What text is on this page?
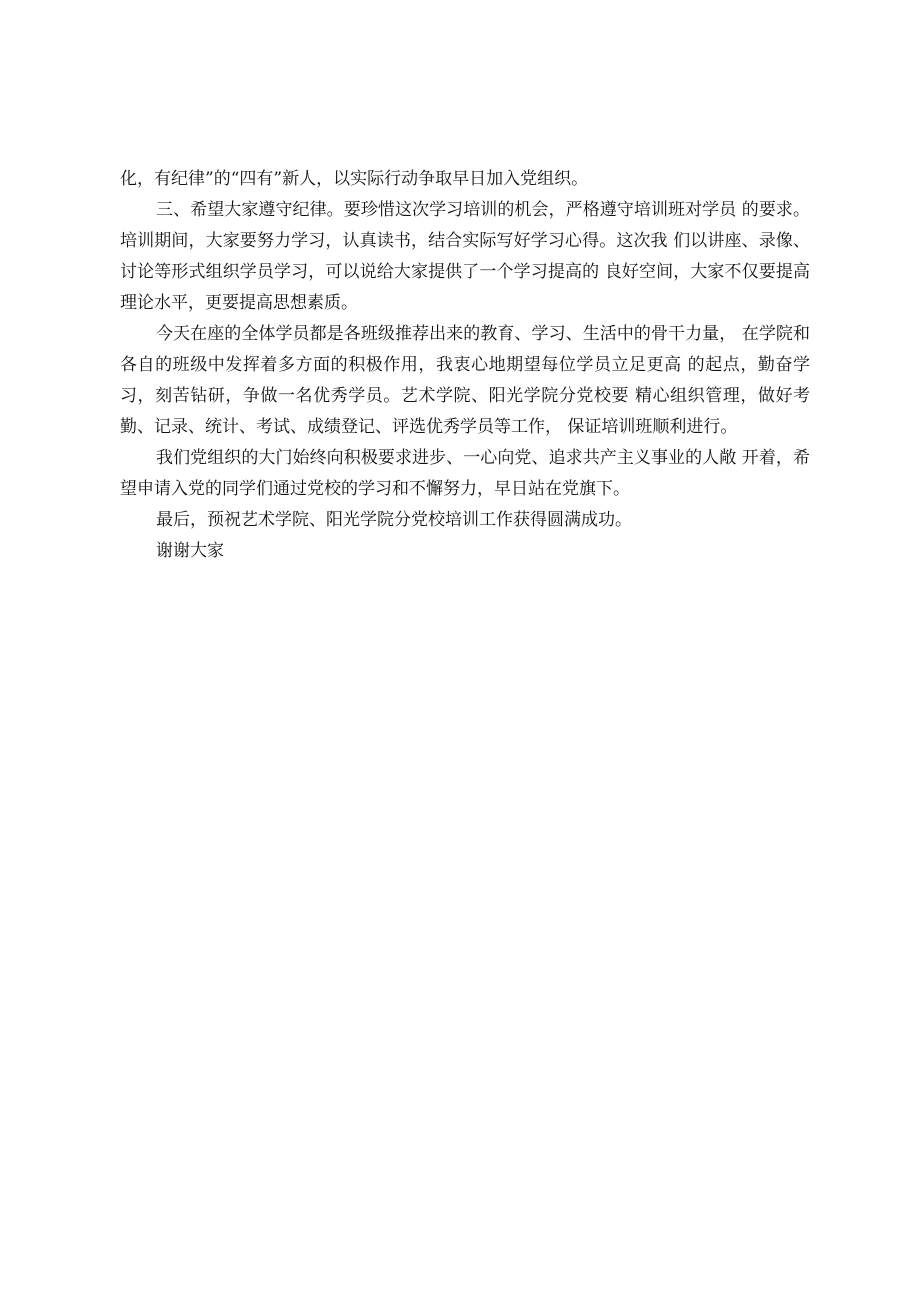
化，有纪律”的“四有”新人，以实际行动争取早日加入党组织。

三、希望大家遵守纪律。要珍惜这次学习培训的机会，严格遵守培训班对学员 的要求。培训期间，大家要努力学习，认真读书，结合实际写好学习心得。这次我 们以讲座、录像、讨论等形式组织学员学习，可以说给大家提供了一个学习提高的 良好空间，大家不仅要提高理论水平，更要提高思想素质。

今天在座的全体学员都是各班级推荐出来的教育、学习、生活中的骨干力量， 在学院和各自的班级中发挥着多方面的积极作用，我衷心地期望每位学员立足更高 的起点，勤奋学习，刻苦钻研，争做一名优秀学员。艺术学院、阳光学院分党校要 精心组织管理，做好考勤、记录、统计、考试、成绩登记、评选优秀学员等工作， 保证培训班顺利进行。

我们党组织的大门始终向积极要求进步、一心向党、追求共产主义事业的人敞 开着，希望申请入党的同学们通过党校的学习和不懈努力，早日站在党旗下。

最后，预祝艺术学院、阳光学院分党校培训工作获得圆满成功。

谢谢大家
